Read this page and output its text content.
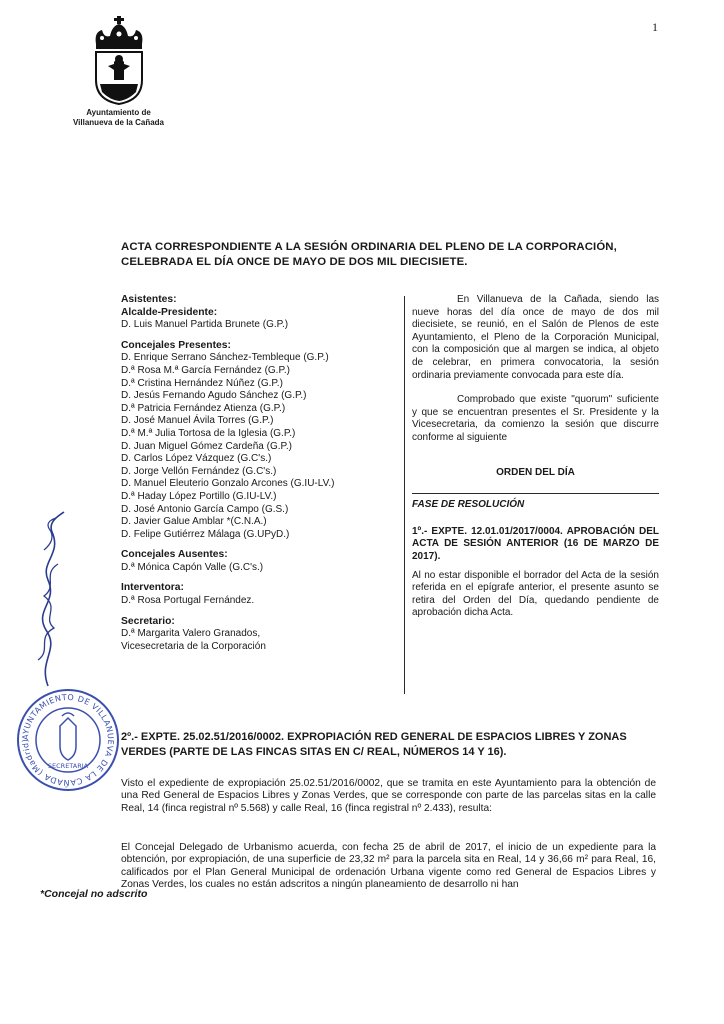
1
Ayuntamiento de
Villanueva de la Cañada
ACTA CORRESPONDIENTE A LA SESIÓN ORDINARIA DEL PLENO DE LA CORPORACIÓN,
CELEBRADA EL DÍA ONCE DE MAYO DE DOS MIL DIECISIETE.
Asistentes:
Alcalde-Presidente:
D. Luis Manuel Partida Brunete (G.P.)
Concejales Presentes:
D. Enrique Serrano Sánchez-Tembleque (G.P.)
D.ª Rosa M.ª García Fernández (G.P.)
D.ª Cristina Hernández Núñez (G.P.)
D. Jesús Fernando Agudo Sánchez (G.P.)
D.ª Patricia Fernández Atienza (G.P.)
D. José Manuel Ávila Torres (G.P.)
D.ª M.ª Julia Tortosa de la Iglesia (G.P.)
D. Juan Miguel Gómez Cardeña (G.P.)
D. Carlos López Vázquez (G.C's.)
D. Jorge Vellón Fernández (G.C's.)
D. Manuel Eleuterio Gonzalo Arcones (G.IU-LV.)
D.ª Haday López Portillo (G.IU-LV.)
D. José Antonio García Campo (G.S.)
D. Javier Galue Amblar *(C.N.A.)
D. Felipe Gutiérrez Málaga (G.UPyD.)
Concejales Ausentes:
D.ª Mónica Capón Valle (G.C's.)
Interventora:
D.ª Rosa Portugal Fernández.
Secretario:
D.ª Margarita Valero Granados,
Vicesecretaria de la Corporación

En Villanueva de la Cañada, siendo las nueve horas del día once de mayo de dos mil diecisiete, se reunió, en el Salón de Plenos de este Ayuntamiento, el Pleno de la Corporación Municipal, con la composición que al margen se indica, al objeto de celebrar, en primera convocatoria, la sesión ordinaria previamente convocada para este día.

Comprobado que existe "quorum" suficiente y que se encuentran presentes el Sr. Presidente y la Vicesecretaria, da comienzo la sesión que discurre conforme al siguiente

ORDEN DEL DÍA
FASE DE RESOLUCIÓN

1º.- EXPTE. 12.01.01/2017/0004. APROBACIÓN DEL ACTA DE SESIÓN ANTERIOR (16 DE MARZO DE 2017).

Al no estar disponible el borrador del Acta de la sesión referida en el epígrafe anterior, el presente asunto se retira del Orden del Día, quedando pendiente de aprobación dicha Acta.

AYUNTAMIENTO DE VILLANUEVA DE LA CAÑADA (Madrid)
SECRETARIA
*Concejal no adscrito

2º.- EXPTE. 25.02.51/2016/0002. EXPROPIACIÓN RED GENERAL DE ESPACIOS LIBRES Y ZONAS VERDES (PARTE DE LAS FINCAS SITAS EN C/ REAL, NÚMEROS 14 Y 16).

Visto el expediente de expropiación 25.02.51/2016/0002, que se tramita en este Ayuntamiento para la obtención de una Red General de Espacios Libres y Zonas Verdes, que se corresponde con parte de las parcelas sitas en la calle Real, 14 (finca registral nº 5.568) y calle Real, 16 (finca registral nº 2.433), resulta:

El Concejal Delegado de Urbanismo acuerda, con fecha 25 de abril de 2017, el inicio de un expediente para la obtención, por expropiación, de una superficie de 23,32 m² para la parcela sita en Real, 14 y 36,66 m² para Real, 16, calificados por el Plan General Municipal de ordenación Urbana vigente como red General de Espacios Libres y Zonas Verdes, los cuales no están adscritos a ningún planeamiento de desarrollo ni han
